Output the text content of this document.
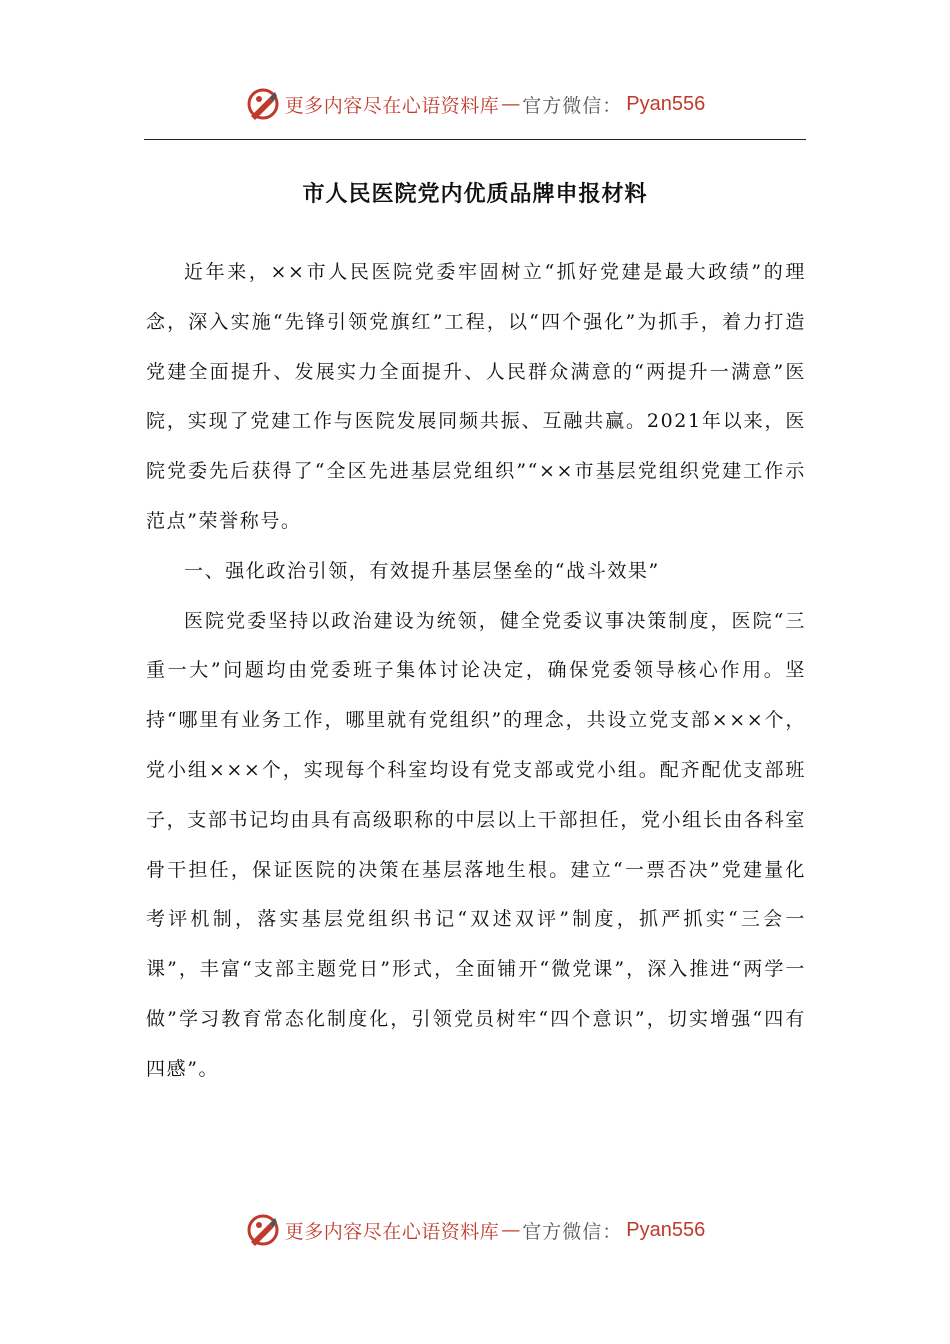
更多内容尽在心语资料库 — 官方微信： Pyan556
市人民医院党内优质品牌申报材料

近年来，××市人民医院党委牢固树立“抓好党建是最大政绩”的理念，深入实施“先锋引领党旗红”工程，以“四个强化”为抓手，着力打造党建全面提升、发展实力全面提升、人民群众满意的“两提升一满意”医院，实现了党建工作与医院发展同频共振、互融共赢。2021年以来，医院党委先后获得了“全区先进基层党组织”“××市基层党组织党建工作示范点”荣誉称号。

一、强化政治引领，有效提升基层堡垒的“战斗效果”

医院党委坚持以政治建设为统领，健全党委议事决策制度，医院“三重一大”问题均由党委班子集体讨论决定，确保党委领导核心作用。坚持“哪里有业务工作，哪里就有党组织”的理念，共设立党支部×××个，党小组×××个，实现每个科室均设有党支部或党小组。配齐配优支部班子，支部书记均由具有高级职称的中层以上干部担任，党小组长由各科室骨干担任，保证医院的决策在基层落地生根。建立“一票否决”党建量化考评机制，落实基层党组织书记“双述双评”制度，抓严抓实“三会一课”，丰富“支部主题党日”形式，全面铺开“微党课”，深入推进“两学一做”学习教育常态化制度化，引领党员树牢“四个意识”，切实增强“四有四感”。

更多内容尽在心语资料库 — 官方微信： Pyan556
